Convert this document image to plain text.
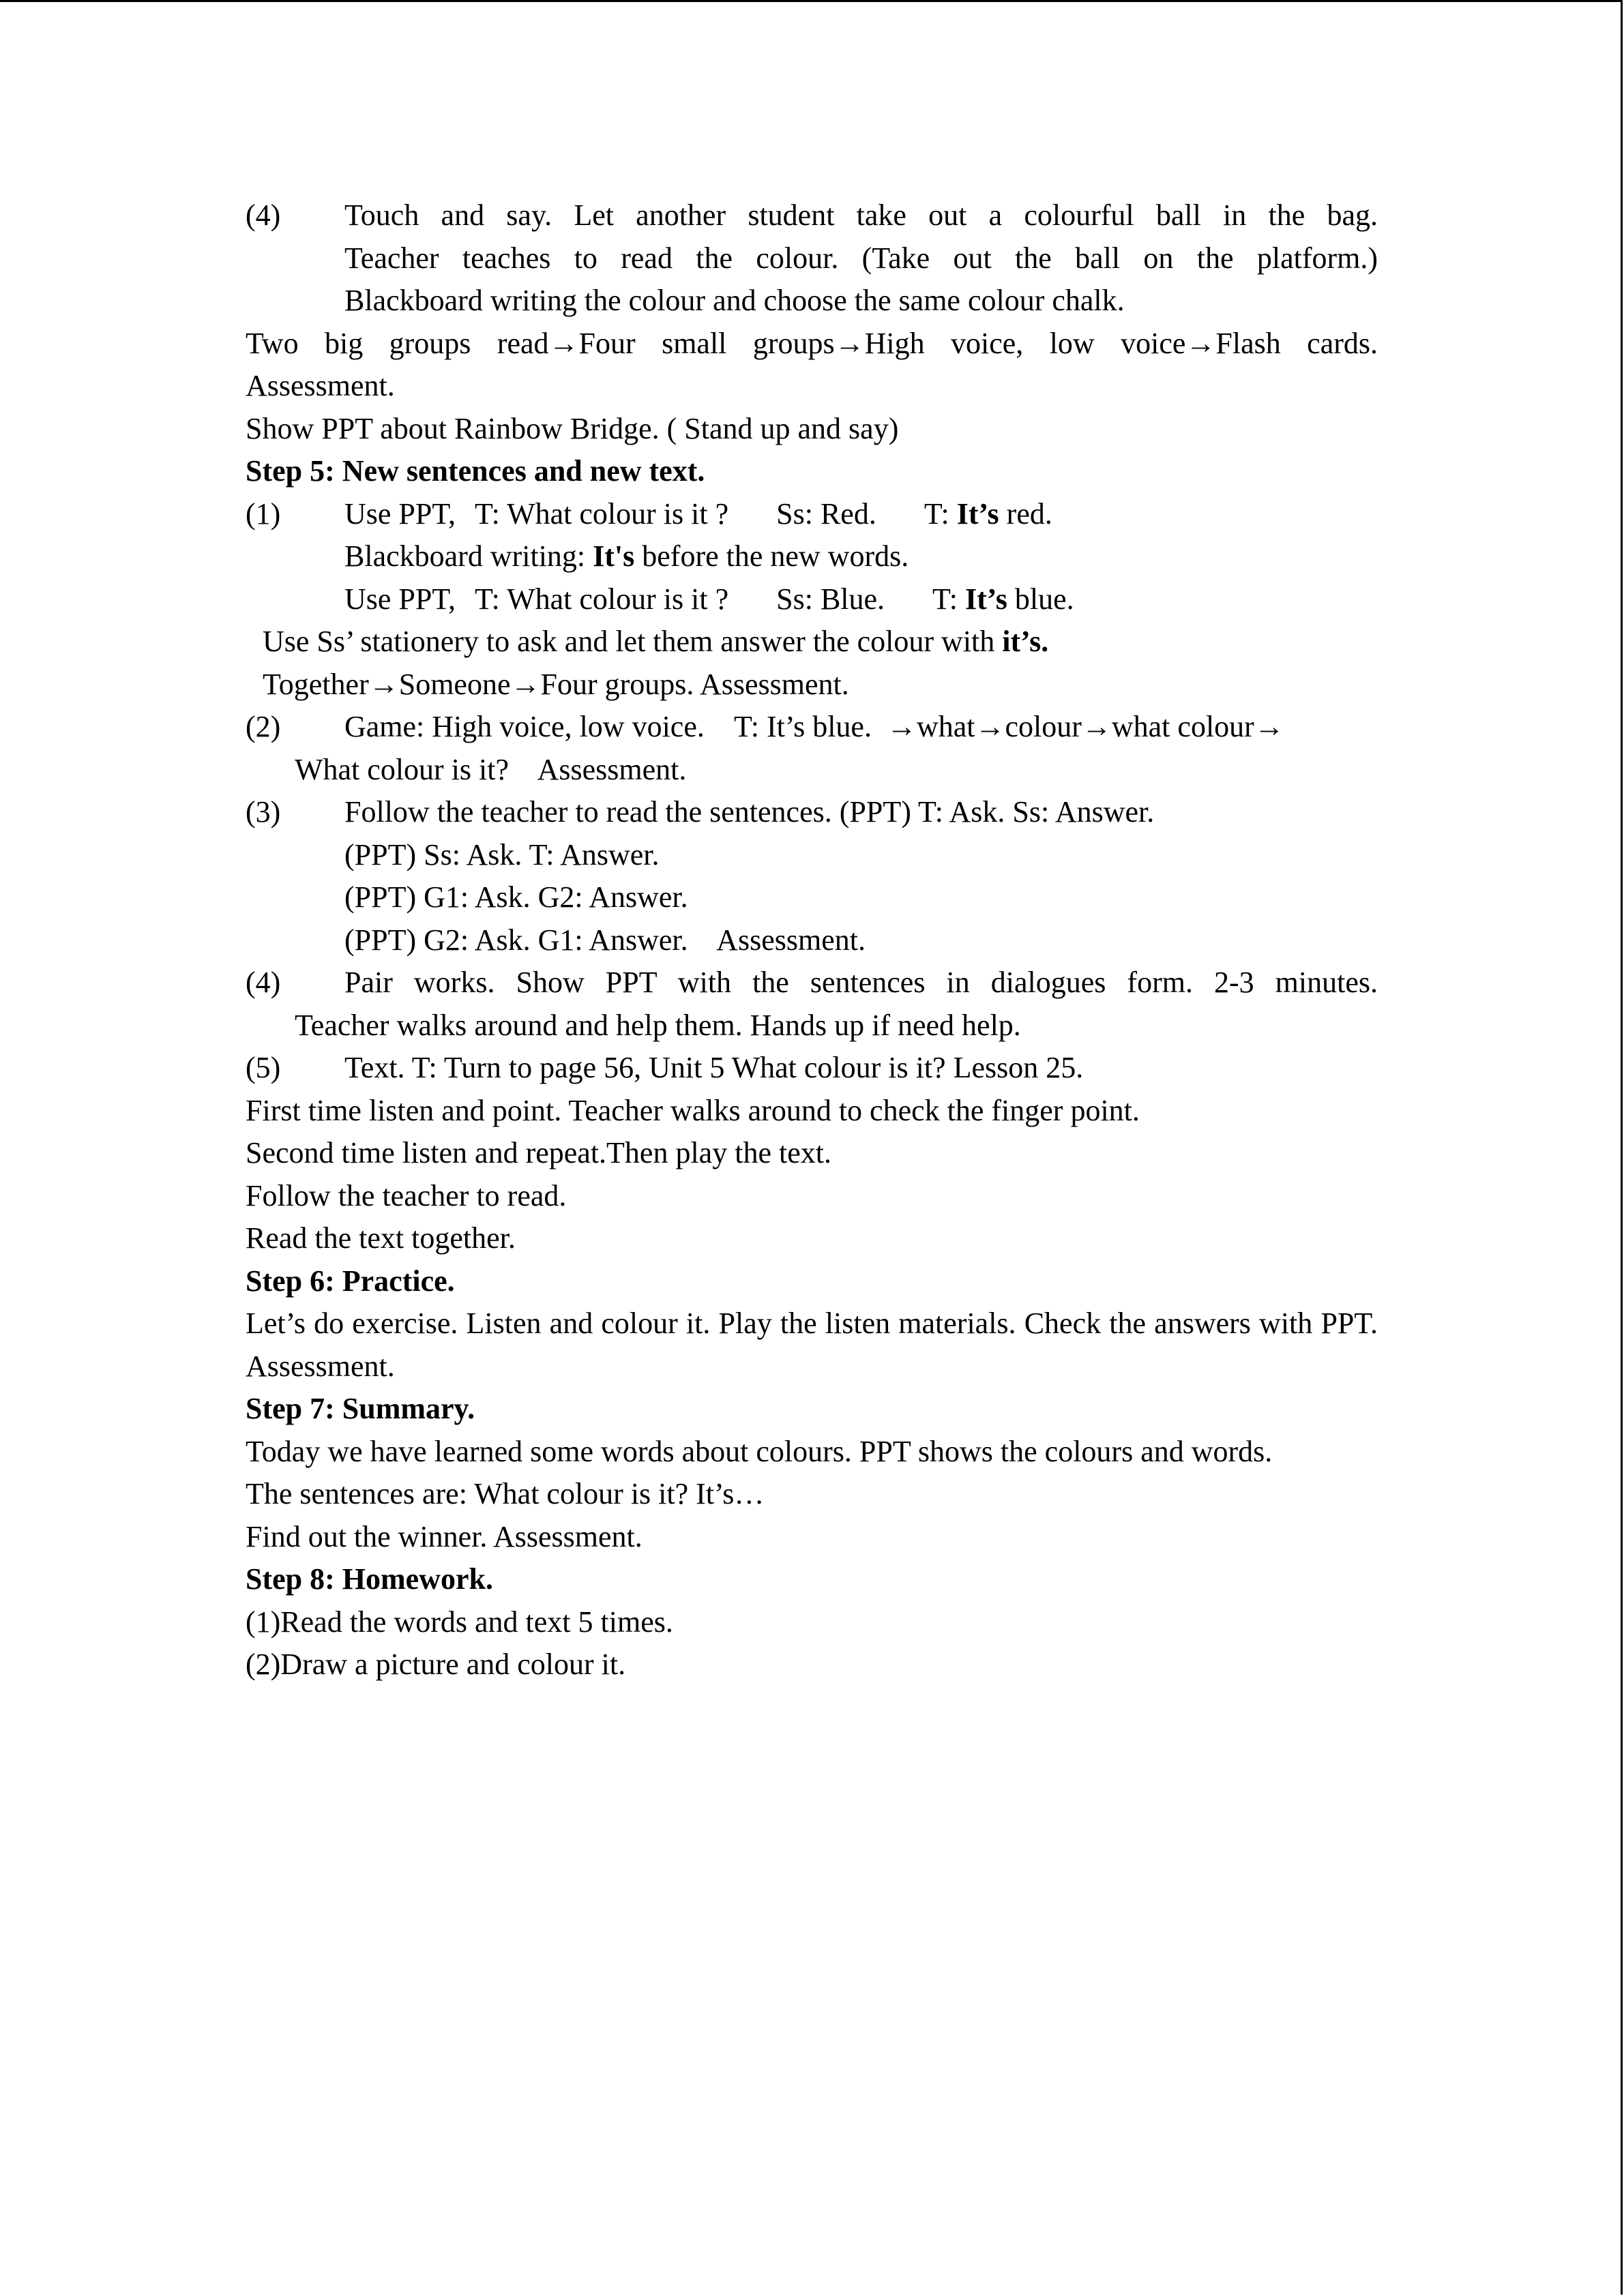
(4)	Touch and say. Let another student take out a colourful ball in the bag.
Teacher teaches to read the colour. (Take out the ball on the platform.)
Blackboard writing the colour and choose the same colour chalk.
Two big groups read→Four small groups→High voice, low voice→Flash cards.
Assessment.
Show PPT about Rainbow Bridge. ( Stand up and say)
Step 5: New sentences and new text.
(1) Use PPT, T: What colour is it ? Ss: Red. T: It’s red.
Blackboard writing: It's before the new words.
Use PPT, T: What colour is it ? Ss: Blue. T: It’s blue.
Use Ss’ stationery to ask and let them answer the colour with it’s.
Together→Someone→Four groups. Assessment.
(2)	Game: High voice, low voice.    T: It’s blue.  →what→colour→what colour→
What colour is it?    Assessment.
(3)	Follow the teacher to read the sentences. (PPT) T: Ask. Ss: Answer.
(PPT) Ss: Ask. T: Answer.
(PPT) G1: Ask. G2: Answer.
(PPT) G2: Ask. G1: Answer.    Assessment.
(4)	Pair works. Show PPT with the sentences in dialogues form. 2-3 minutes.
Teacher walks around and help them. Hands up if need help.
(5)	Text. T: Turn to page 56, Unit 5 What colour is it? Lesson 25.
First time listen and point. Teacher walks around to check the finger point.
Second time listen and repeat.Then play the text.
Follow the teacher to read.
Read the text together.
Step 6: Practice.
Let’s do exercise. Listen and colour it. Play the listen materials. Check the answers with PPT. Assessment.
Step 7: Summary.
Today we have learned some words about colours. PPT shows the colours and words.
The sentences are: What colour is it? It’s…
Find out the winner. Assessment.
Step 8: Homework.
(1)Read the words and text 5 times.
(2)Draw a picture and colour it.
